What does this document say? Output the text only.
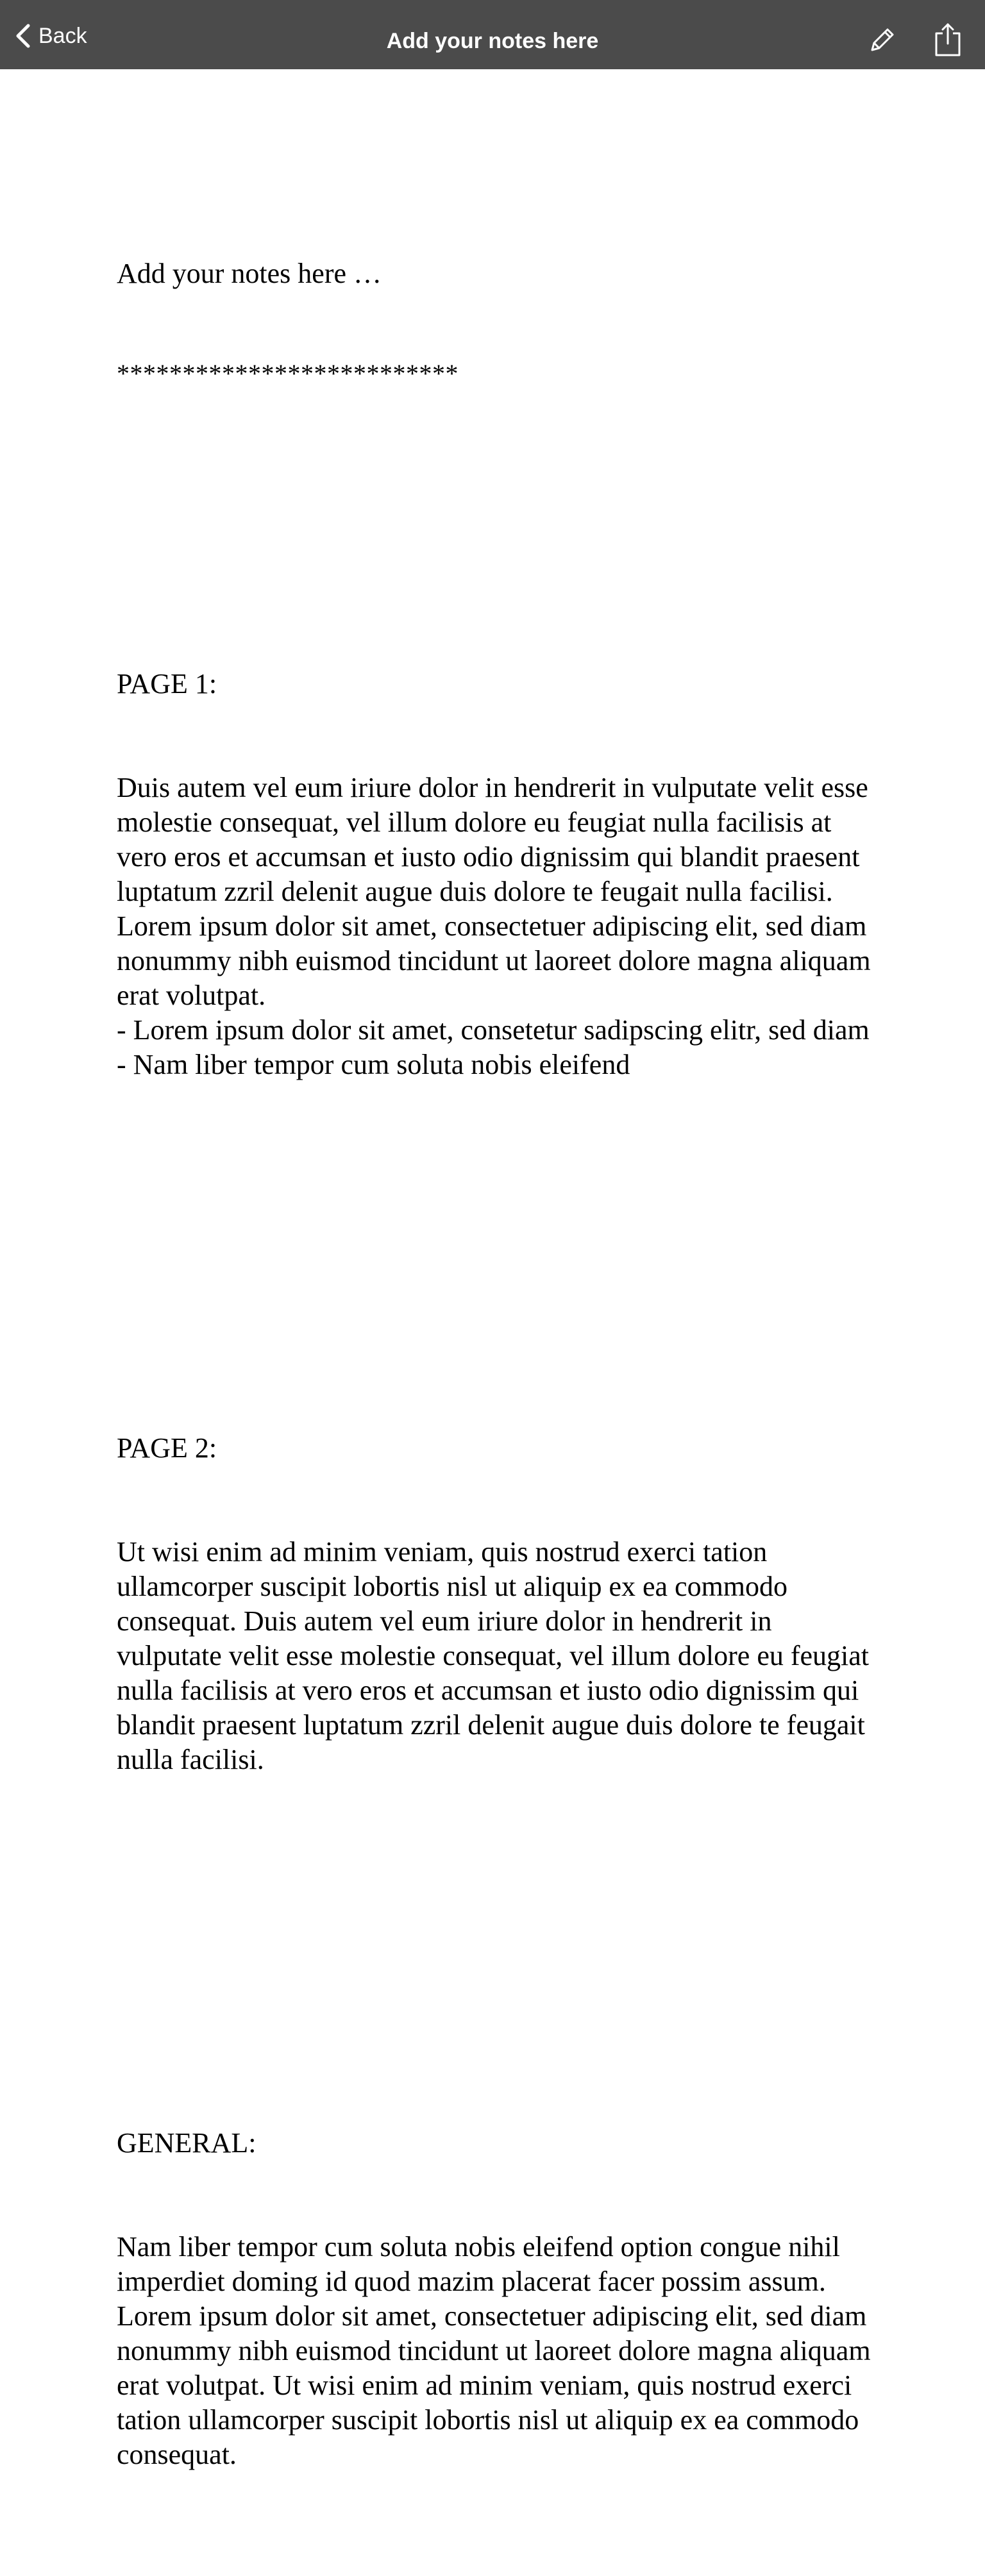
Back	Add your notes here

Add your notes here …

**************************

PAGE 1:

Duis autem vel eum iriure dolor in hendrerit in vulputate velit esse molestie consequat, vel illum dolore eu feugiat nulla facilisis at vero eros et accumsan et iusto odio dignissim qui blandit praesent luptatum zzril delenit augue duis dolore te feugait nulla facilisi. Lorem ipsum dolor sit amet, consectetuer adipiscing elit, sed diam nonummy nibh euismod tincidunt ut laoreet dolore magna aliquam erat volutpat.
- Lorem ipsum dolor sit amet, consetetur sadipscing elitr, sed diam
- Nam liber tempor cum soluta nobis eleifend

PAGE 2:

Ut wisi enim ad minim veniam, quis nostrud exerci tation ullamcorper suscipit lobortis nisl ut aliquip ex ea commodo consequat. Duis autem vel eum iriure dolor in hendrerit in vulputate velit esse molestie consequat, vel illum dolore eu feugiat nulla facilisis at vero eros et accumsan et iusto odio dignissim qui blandit praesent luptatum zzril delenit augue duis dolore te feugait nulla facilisi.

GENERAL:

Nam liber tempor cum soluta nobis eleifend option congue nihil imperdiet doming id quod mazim placerat facer possim assum. Lorem ipsum dolor sit amet, consectetuer adipiscing elit, sed diam nonummy nibh euismod tincidunt ut laoreet dolore magna aliquam erat volutpat. Ut wisi enim ad minim veniam, quis nostrud exerci tation ullamcorper suscipit lobortis nisl ut aliquip ex ea commodo consequat.
